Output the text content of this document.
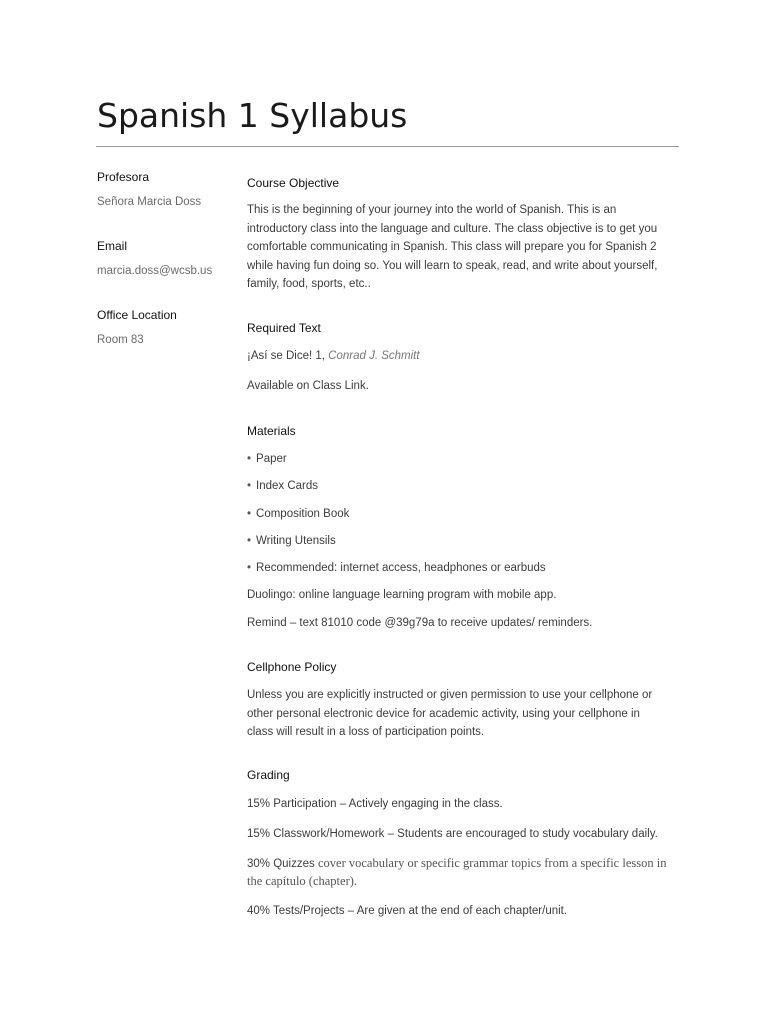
Spanish 1 Syllabus
Profesora
Señora Marcia Doss
Email
marcia.doss@wcsb.us
Office Location
Room 83
Course Objective
This is the beginning of your journey into the world of Spanish. This is an
introductory class into the language and culture. The class objective is to get you
comfortable communicating in Spanish. This class will prepare you for Spanish 2
while having fun doing so. You will learn to speak, read, and write about yourself,
family, food, sports, etc..
Required Text
¡Así se Dice! 1, Conrad J. Schmitt
Available on Class Link.
Materials
• Paper
• Index Cards
• Composition Book
• Writing Utensils
• Recommended: internet access, headphones or earbuds
Duolingo: online language learning program with mobile app.
Remind – text 81010 code @39g79a to receive updates/ reminders.
Cellphone Policy
Unless you are explicitly instructed or given permission to use your cellphone or
other personal electronic device for academic activity, using your cellphone in
class will result in a loss of participation points.
Grading
15% Participation – Actively engaging in the class.
15% Classwork/Homework – Students are encouraged to study vocabulary daily.
30% Quizzes cover vocabulary or specific grammar topics from a specific lesson in
the capítulo (chapter).
40% Tests/Projects – Are given at the end of each chapter/unit.
